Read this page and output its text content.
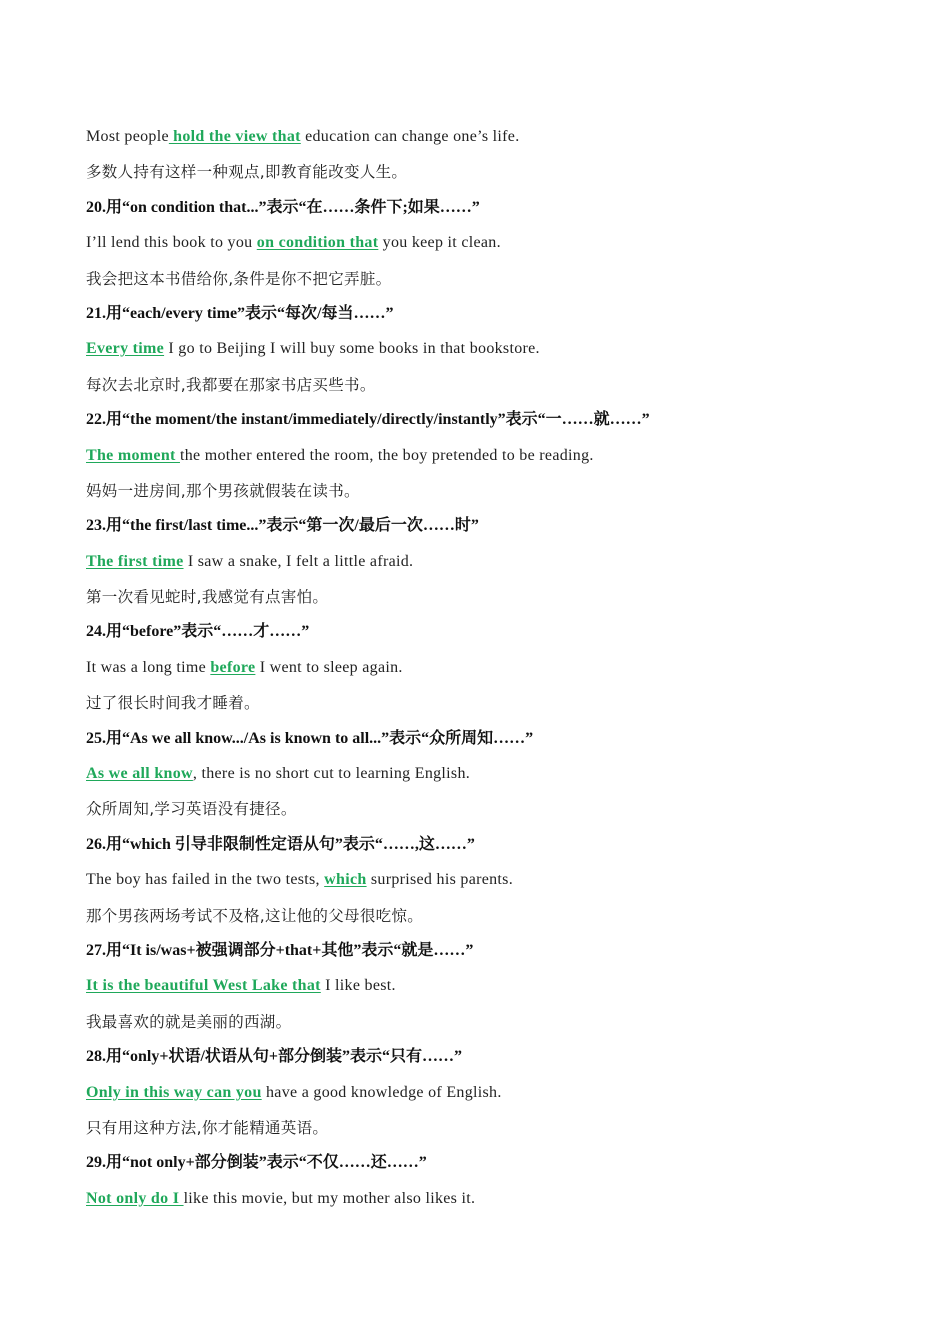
Most people hold the view that education can change one’s life.
多数人持有这样一种观点,即教育能改变人生。
20.用“on condition that...”表示“在……条件下;如果……”
I’ll lend this book to you on condition that you keep it clean.
我会把这本书借给你,条件是你不把它弄脏。
21.用“each/every time”表示“每次/每当……”
Every time I go to Beijing I will buy some books in that bookstore.
每次去北京时,我都要在那家书店买些书。
22.用“the moment/the instant/immediately/directly/instantly”表示“一……就……”
The moment the mother entered the room, the boy pretended to be reading.
妈妈一进房间,那个男孩就假装在读书。
23.用“the first/last time...”表示“第一次/最后一次……时”
The first time I saw a snake, I felt a little afraid.
第一次看见蛇时,我感觉有点害怕。
24.用“before”表示“……才……”
It was a long time before I went to sleep again.
过了很长时间我才睡着。
25.用“As we all know.../As is known to all...”表示“众所周知……”
As we all know, there is no short cut to learning English.
众所周知,学习英语没有捷径。
26.用“which 引导非限制性定语从句”表示“……,这……”
The boy has failed in the two tests, which surprised his parents.
那个男孩两场考试不及格,这让他的父母很吃惊。
27.用“It is/was+被强调部分+that+其他”表示“就是……”
It is the beautiful West Lake that I like best.
我最喜欢的就是美丽的西湖。
28.用“only+状语/状语从句+部分倒装”表示“只有……”
Only in this way can you have a good knowledge of English.
只有用这种方法,你才能精通英语。
29.用“not only+部分倒装”表示“不仅……还……”
Not only do I like this movie, but my mother also likes it.
